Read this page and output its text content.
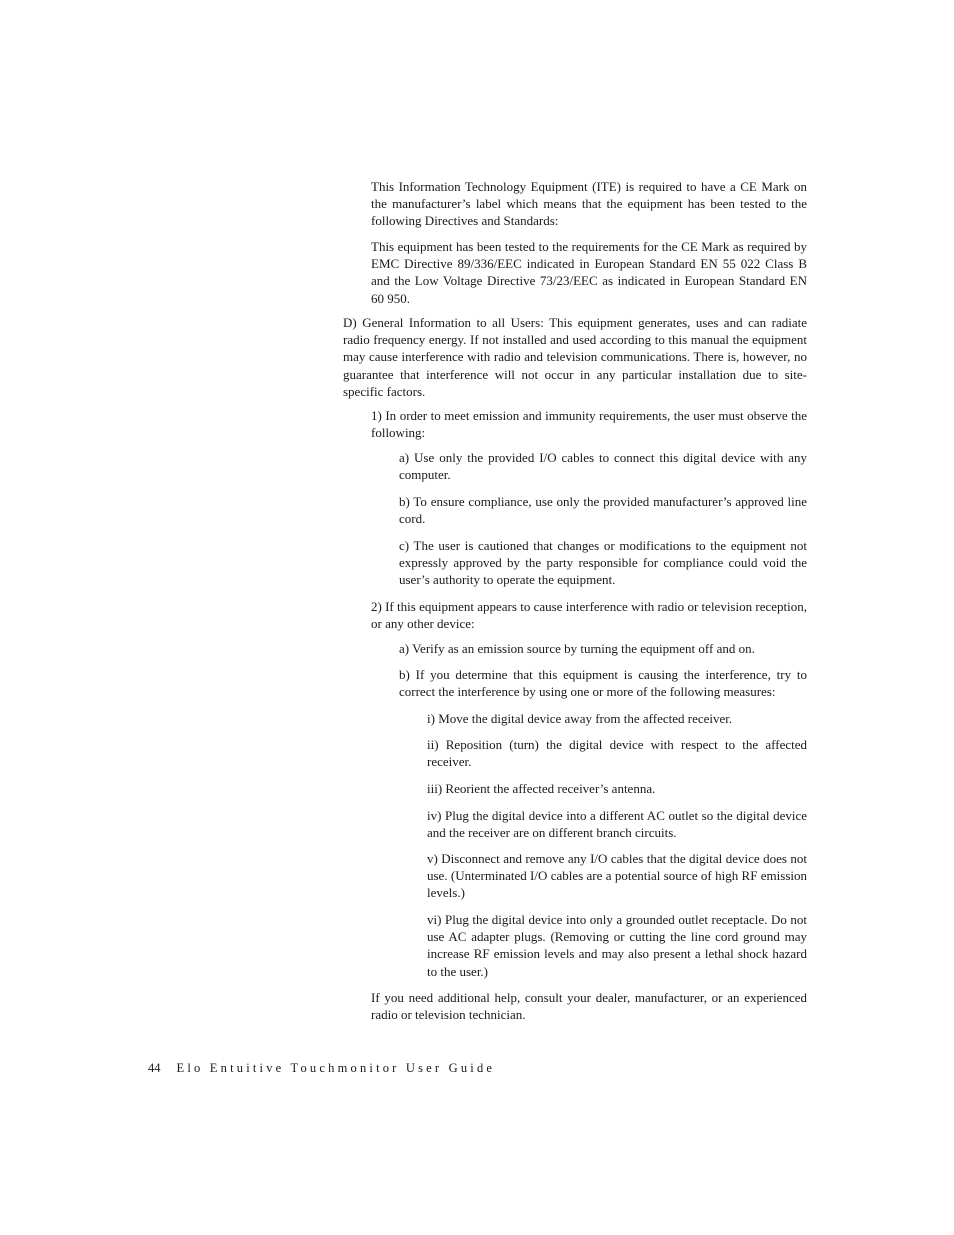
This Information Technology Equipment (ITE) is required to have a CE Mark on the manufacturer’s label which means that the equipment has been tested to the following Directives and Standards:

This equipment has been tested to the requirements for the CE Mark as required by EMC Directive 89/336/EEC indicated in European Standard EN 55 022 Class B and the Low Voltage Directive 73/23/EEC as indicated in European Standard EN 60 950.

D) General Information to all Users: This equipment generates, uses and can radiate radio frequency energy. If not installed and used according to this manual the equipment may cause interference with radio and television communications. There is, however, no guarantee that interference will not occur in any particular installation due to site-specific factors.

1) In order to meet emission and immunity requirements, the user must observe the following:

a) Use only the provided I/O cables to connect this digital device with any computer.

b) To ensure compliance, use only the provided manufacturer’s approved line cord.

c) The user is cautioned that changes or modifications to the equipment not expressly approved by the party responsible for compliance could void the user’s authority to operate the equipment.

2) If this equipment appears to cause interference with radio or television reception, or any other device:

a) Verify as an emission source by turning the equipment off and on.

b) If you determine that this equipment is causing the interference, try to correct the interference by using one or more of the following measures:

i) Move the digital device away from the affected receiver.

ii) Reposition (turn) the digital device with respect to the affected receiver.

iii) Reorient the affected receiver’s antenna.

iv) Plug the digital device into a different AC outlet so the digital device and the receiver are on different branch circuits.

v) Disconnect and remove any I/O cables that the digital device does not use. (Unterminated I/O cables are a potential source of high RF emission levels.)

vi) Plug the digital device into only a grounded outlet receptacle. Do not use AC adapter plugs. (Removing or cutting the line cord ground may increase RF emission levels and may also present a lethal shock hazard to the user.)

If you need additional help, consult your dealer, manufacturer, or an experienced radio or television technician.

44 Elo Entuitive Touchmonitor User Guide
